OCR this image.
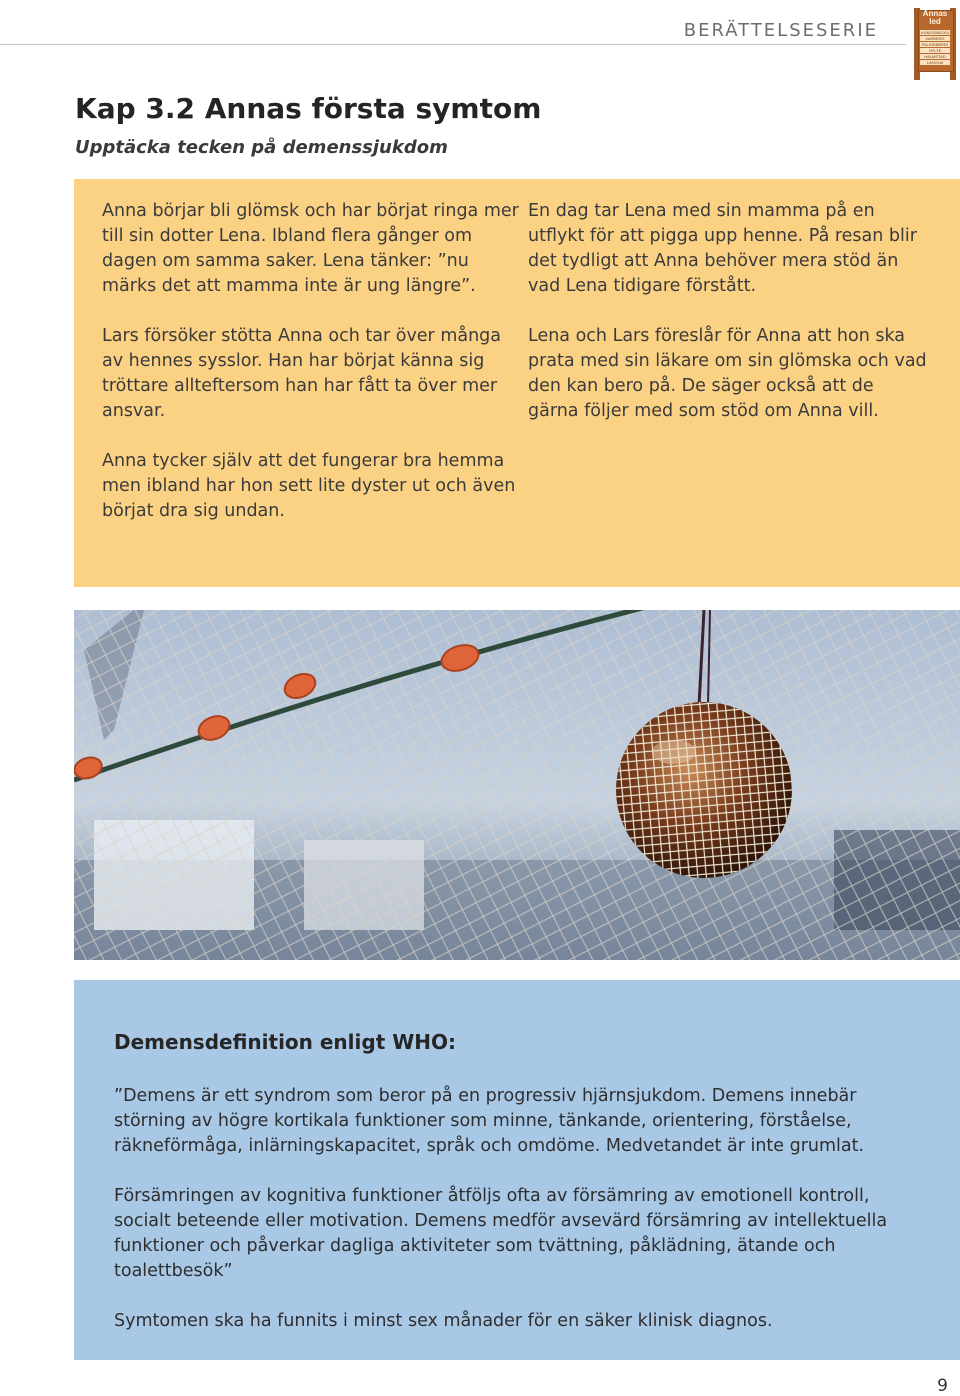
BERÄTTELSESERIE
Annas
led
KUNGSBACKA
VARBERG
FALKENBERG
HYLTE
HALMSTAD
LAHOLM
Kap 3.2 Annas första symtom
Upptäcka tecken på demenssjukdom

Anna börjar bli glömsk och har börjat ringa mer till sin dotter Lena. Ibland flera gånger om dagen om samma saker. Lena tänker: ”nu märks det att mamma inte är ung längre”.

Lars försöker stötta Anna och tar över många av hennes sysslor. Han har börjat känna sig tröttare allteftersom han har fått ta över mer ansvar.

Anna tycker själv att det fungerar bra hemma men ibland har hon sett lite dyster ut och även börjat dra sig undan.

En dag tar Lena med sin mamma på en utflykt för att pigga upp henne. På resan blir det tydligt att Anna behöver mera stöd än vad Lena tidigare förstått.

Lena och Lars föreslår för Anna att hon ska prata med sin läkare om sin glömska och vad den kan bero på. De säger också att de gärna följer med som stöd om Anna vill.

Demensdefinition enligt WHO:

”Demens är ett syndrom som beror på en progressiv hjärnsjukdom. Demens innebär störning av högre kortikala funktioner som minne, tänkande, orientering, förståelse, räkneförmåga, inlärningskapacitet, språk och omdöme. Medvetandet är inte grumlat.

Försämringen av kognitiva funktioner åtföljs ofta av försämring av emotionell kontroll, socialt beteende eller motivation. Demens medför avsevärd försämring av intellektuella funktioner och påverkar dagliga aktiviteter som tvättning, påklädning, ätande och toalettbesök”

Symtomen ska ha funnits i minst sex månader för en säker klinisk diagnos.

9
